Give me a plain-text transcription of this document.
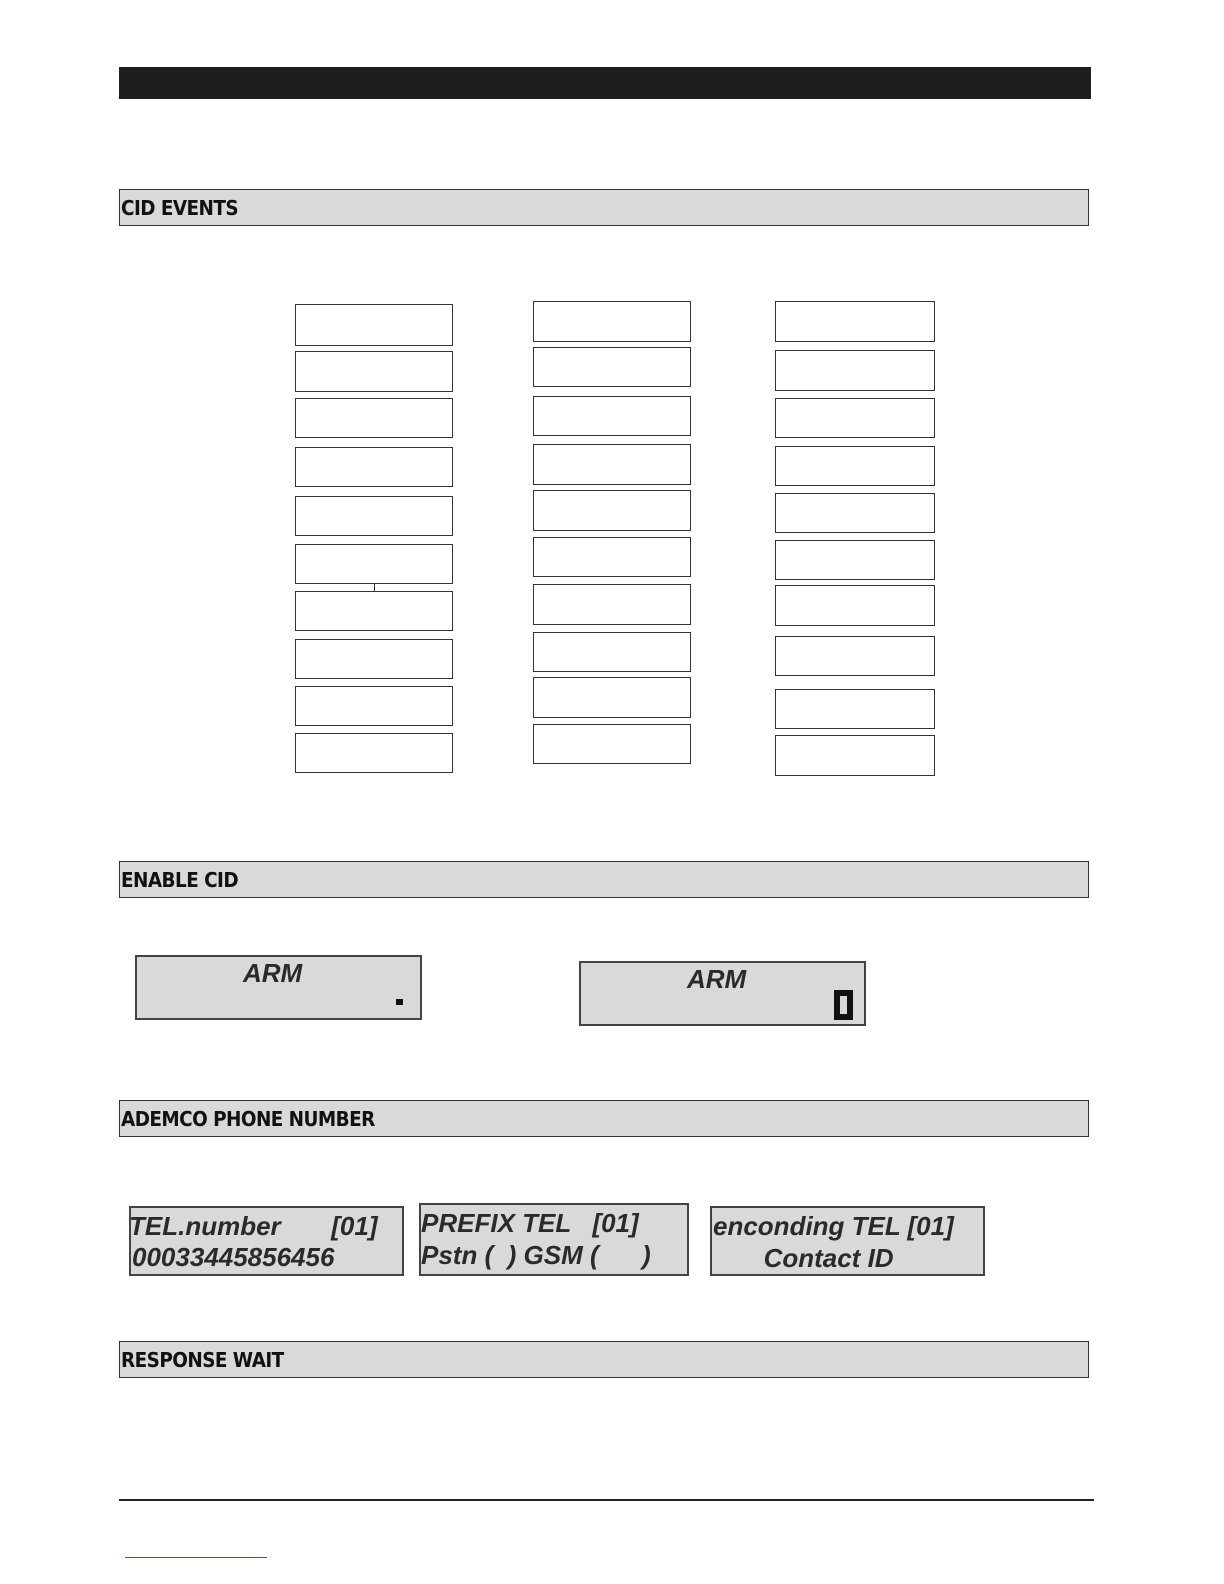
CID EVENTS
ENABLE CID
ARM	ARM
ADEMCO PHONE NUMBER
TEL.number       [01]
00033445856456
PREFIX TEL   [01]
Pstn (  ) GSM (      )
enconding TEL [01]
Contact ID
RESPONSE WAIT
